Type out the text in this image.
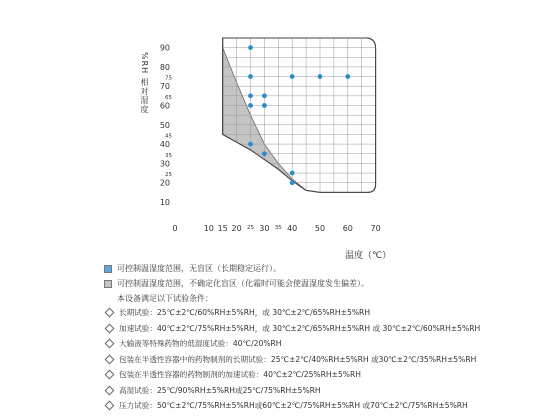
0	10 15 20 25 30 35 40 50 60 70
10
20
25
30
35
40
45
50
60
65
70
75
80
90
%RH 相对湿度
温度（℃）
可控制温湿度范围，无盲区（长期稳定运行）。
可控制温湿度范围，不确定化盲区（化霜时可能会使温湿度发生偏差）。
本设备满足以下试验条件：
长期试验：25℃±2℃/60%RH±5%RH，或 30℃±2℃/65%RH±5%RH
加速试验：40℃±2℃/75%RH±5%RH，或 30℃±2℃/65%RH±5%RH 或 30℃±2℃/60%RH±5%RH
大输液等特殊药物的低湿度试验：40℃/20%RH
包装在半透性容器中的药物制剂的长期试验：25℃±2℃/40%RH±5%RH 或30℃±2℃/35%RH±5%RH
包装在半透性容器的药物制剂的加速试验：40℃±2℃/25%RH±5%RH
高湿试验：25℃/90%RH±5%RH或25℃/75%RH±5%RH
压力试验：50℃±2℃/75%RH±5%RH或60℃±2℃/75%RH±5%RH 或70℃±2℃/75%RH±5%RH
